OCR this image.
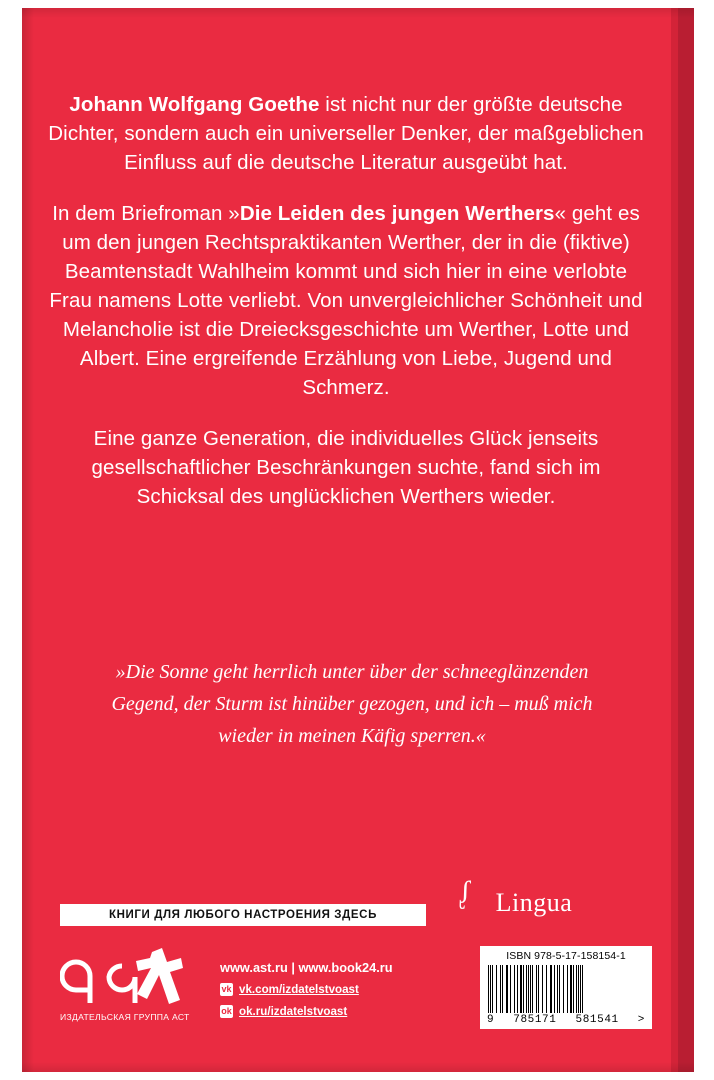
Johann Wolfgang Goethe ist nicht nur der größte deutsche Dichter, sondern auch ein universeller Denker, der maßgeblichen Einfluss auf die deutsche Literatur ausgeübt hat.

In dem Briefroman »Die Leiden des jungen Werthers« geht es um den jungen Rechtspraktikanten Werther, der in die (fiktive) Beamtenstadt Wahlheim kommt und sich hier in eine verlobte Frau namens Lotte verliebt. Von unvergleichlicher Schönheit und Melancholie ist die Dreiecksgeschichte um Werther, Lotte und Albert. Eine ergreifende Erzählung von Liebe, Jugend und Schmerz.

Eine ganze Generation, die individuelles Glück jenseits gesellschaftlicher Beschränkungen suchte, fand sich im Schicksal des unglücklichen Werthers wieder.

»Die Sonne geht herrlich unter über der schneeglänzenden Gegend, der Sturm ist hinüber gezogen, und ich – muß mich wieder in meinen Käfig sperren.«
ᶘ Lingua
КНИГИ ДЛЯ ЛЮБОГО НАСТРОЕНИЯ ЗДЕСЬ
ИЗДАТЕЛЬСКАЯ ГРУППА АСТ
www.ast.ru | www.book24.ru
vk vk.com/izdatelstvoast
ok ok.ru/izdatelstvoast
ISBN 978-5-17-158154-1
9 785171 581541 >
